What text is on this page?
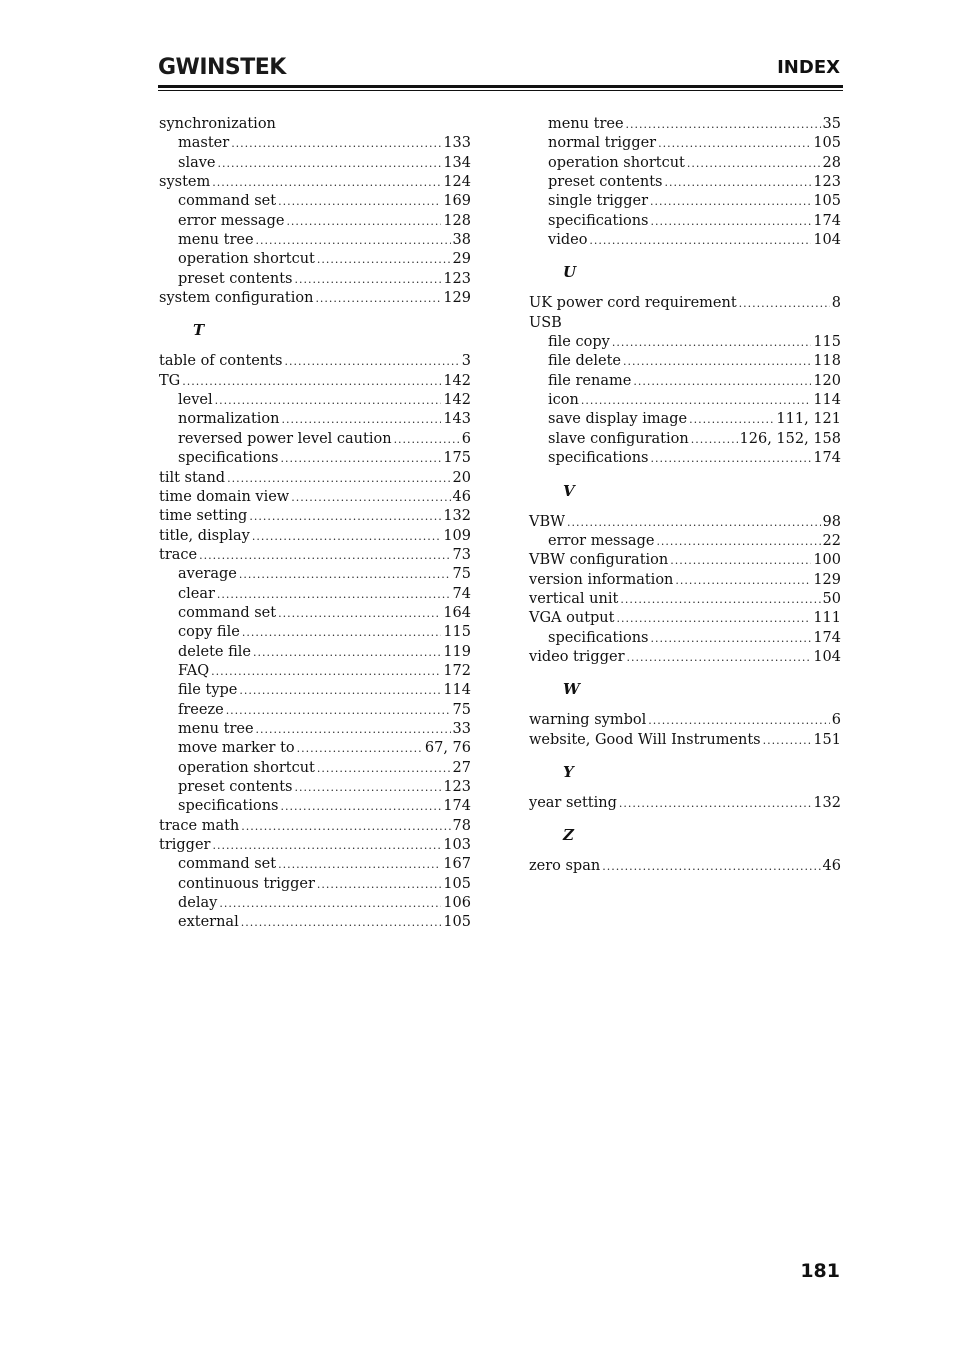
GWINSTEK	INDEX
synchronization
master .....	133
slave .....	134
system .....	124
command set .....	169
error message .....	128
menu tree .....	38
operation shortcut .....	29
preset contents .....	123
system configuration .....	129
T
table of contents .....	3
TG .....	142
level .....	142
normalization .....	143
reversed power level caution .....	6
specifications .....	175
tilt stand .....	20
time domain view .....	46
time setting .....	132
title, display .....	109
trace .....	73
average .....	75
clear .....	74
command set .....	164
copy file .....	115
delete file .....	119
FAQ .....	172
file type .....	114
freeze .....	75
menu tree .....	33
move marker to .....	67, 76
operation shortcut .....	27
preset contents .....	123
specifications .....	174
trace math .....	78
trigger .....	103
command set .....	167
continuous trigger .....	105
delay .....	106
external .....	105
menu tree .....	35
normal trigger .....	105
operation shortcut .....	28
preset contents .....	123
single trigger .....	105
specifications .....	174
video .....	104
U
UK power cord requirement .....	8
USB
file copy .....	115
file delete .....	118
file rename .....	120
icon .....	114
save display image .....	111, 121
slave configuration .....	126, 152, 158
specifications .....	174
V
VBW .....	98
error message .....	22
VBW configuration .....	100
version information .....	129
vertical unit .....	50
VGA output .....	111
specifications .....	174
video trigger .....	104
W
warning symbol .....	6
website, Good Will Instruments .....	151
Y
year setting .....	132
Z
zero span .....	46
181
